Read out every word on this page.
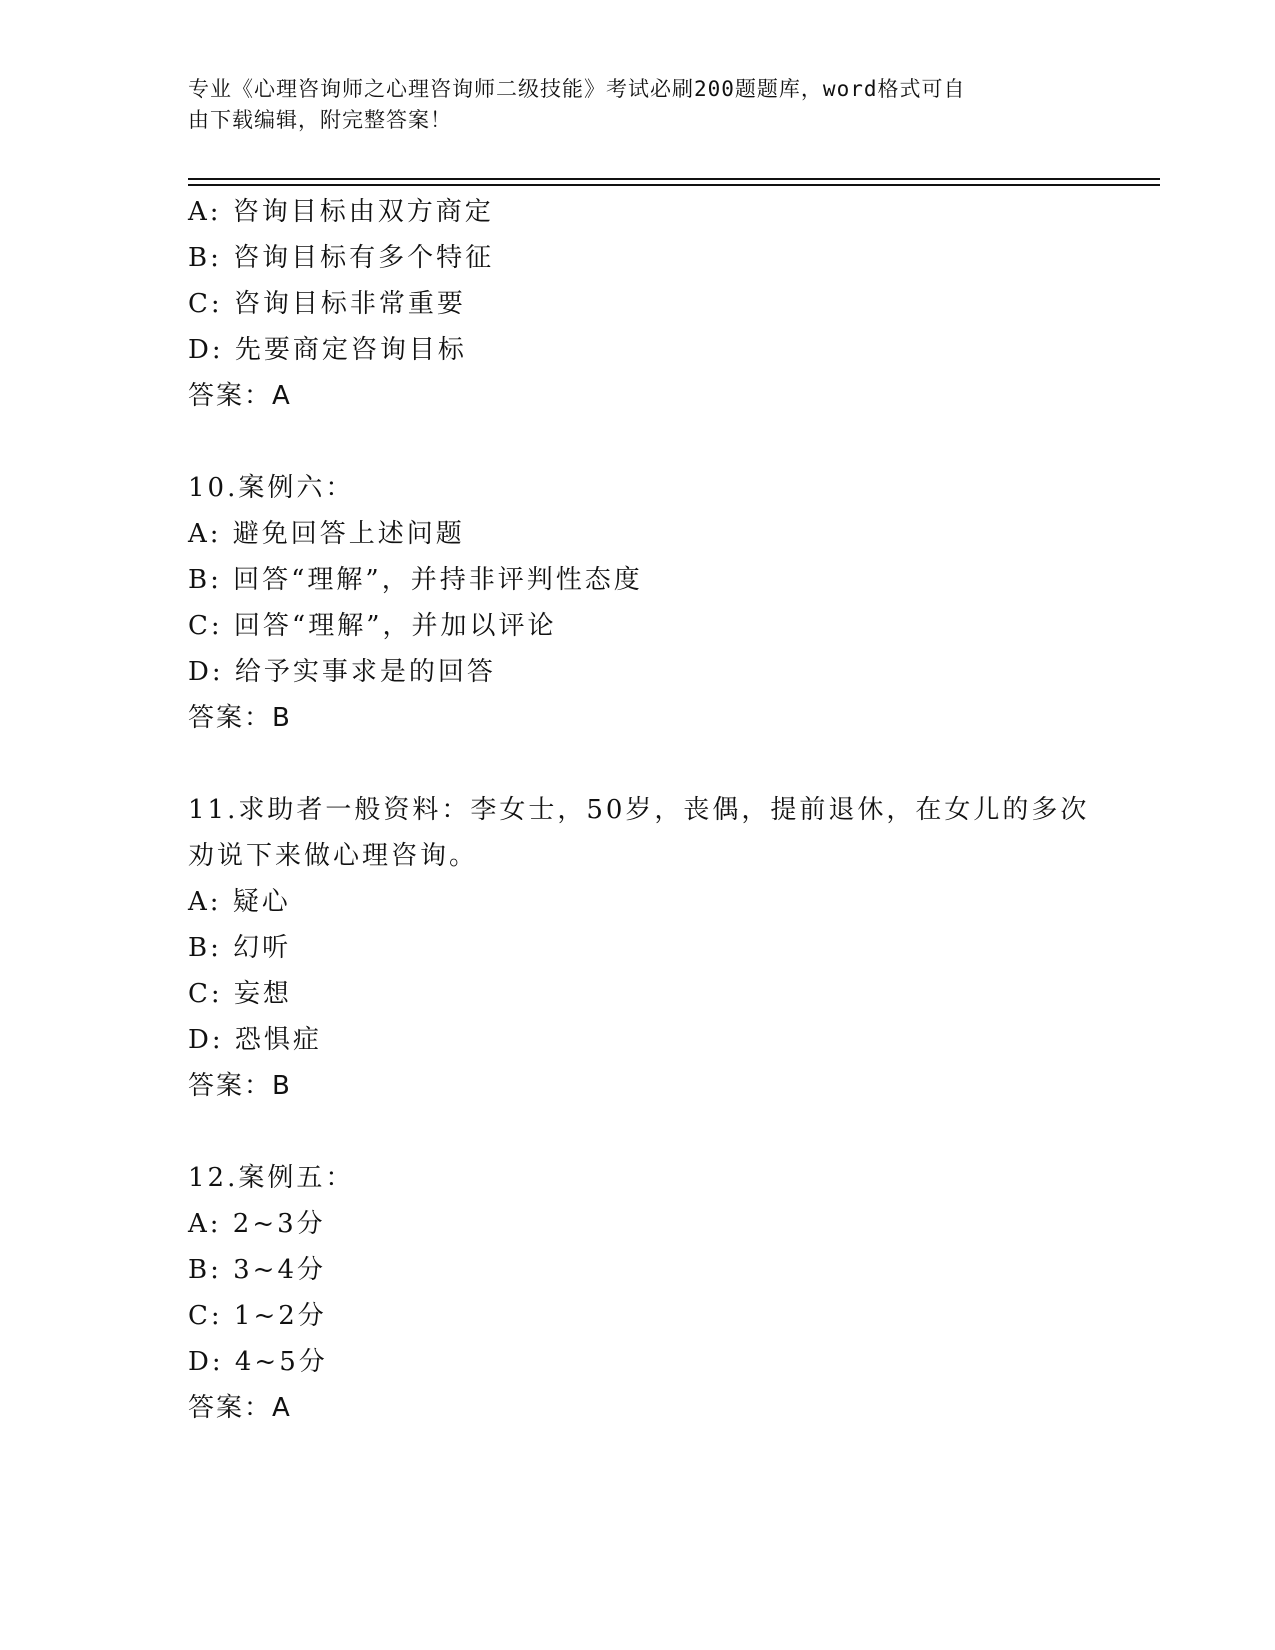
专业《心理咨询师之心理咨询师二级技能》考试必刷200题题库，word格式可自
由下载编辑，附完整答案！
A: 咨询目标由双方商定
B: 咨询目标有多个特征
C: 咨询目标非常重要
D: 先要商定咨询目标
答案：A
10.案例六：
A: 避免回答上述问题
B: 回答“理解”，并持非评判性态度
C: 回答“理解”，并加以评论
D: 给予实事求是的回答
答案：B
11.求助者一般资料：李女士，50岁，丧偶，提前退休，在女儿的多次
劝说下来做心理咨询。
A: 疑心
B: 幻听
C: 妄想
D: 恐惧症
答案：B
12.案例五：
A: 2~3分
B: 3~4分
C: 1~2分
D: 4~5分
答案：A
